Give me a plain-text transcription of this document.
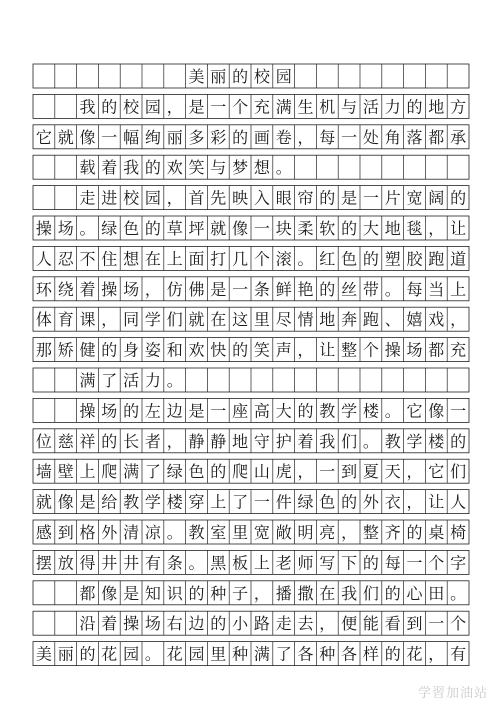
美 丽 的 校 园
我 的 校 园 ， 是 一 个 充 满 生 机 与 活 力 的 地 方
它 就 像 一 幅 绚 丽 多 彩 的 画 卷 ， 每 一 处 角 落 都 承
载 着 我 的 欢 笑 与 梦 想 。
走 进 校 园 ， 首 先 映 入 眼 帘 的 是 一 片 宽 阔 的
操 场 。 绿 色 的 草 坪 就 像 一 块 柔 软 的 大 地 毯 ， 让
人 忍 不 住 想 在 上 面 打 几 个 滚 。 红 色 的 塑 胶 跑 道
环 绕 着 操 场 ， 仿 佛 是 一 条 鲜 艳 的 丝 带 。 每 当 上
体 育 课 ， 同 学 们 就 在 这 里 尽 情 地 奔 跑 、 嬉 戏 ，
那 矫 健 的 身 姿 和 欢 快 的 笑 声 ， 让 整 个 操 场 都 充
满 了 活 力 。
操 场 的 左 边 是 一 座 高 大 的 教 学 楼 。 它 像 一
位 慈 祥 的 长 者 ， 静 静 地 守 护 着 我 们 。 教 学 楼 的
墙 壁 上 爬 满 了 绿 色 的 爬 山 虎 ， 一 到 夏 天 ， 它 们
就 像 是 给 教 学 楼 穿 上 了 一 件 绿 色 的 外 衣 ， 让 人
感 到 格 外 清 凉 。 教 室 里 宽 敞 明 亮 ， 整 齐 的 桌 椅
摆 放 得 井 井 有 条 。 黑 板 上 老 师 写 下 的 每 一 个 字
都 像 是 知 识 的 种 子 ， 播 撒 在 我 们 的 心 田 。
沿 着 操 场 右 边 的 小 路 走 去 ， 便 能 看 到 一 个
美 丽 的 花 园 。 花 园 里 种 满 了 各 种 各 样 的 花 ， 有
学習加油站
